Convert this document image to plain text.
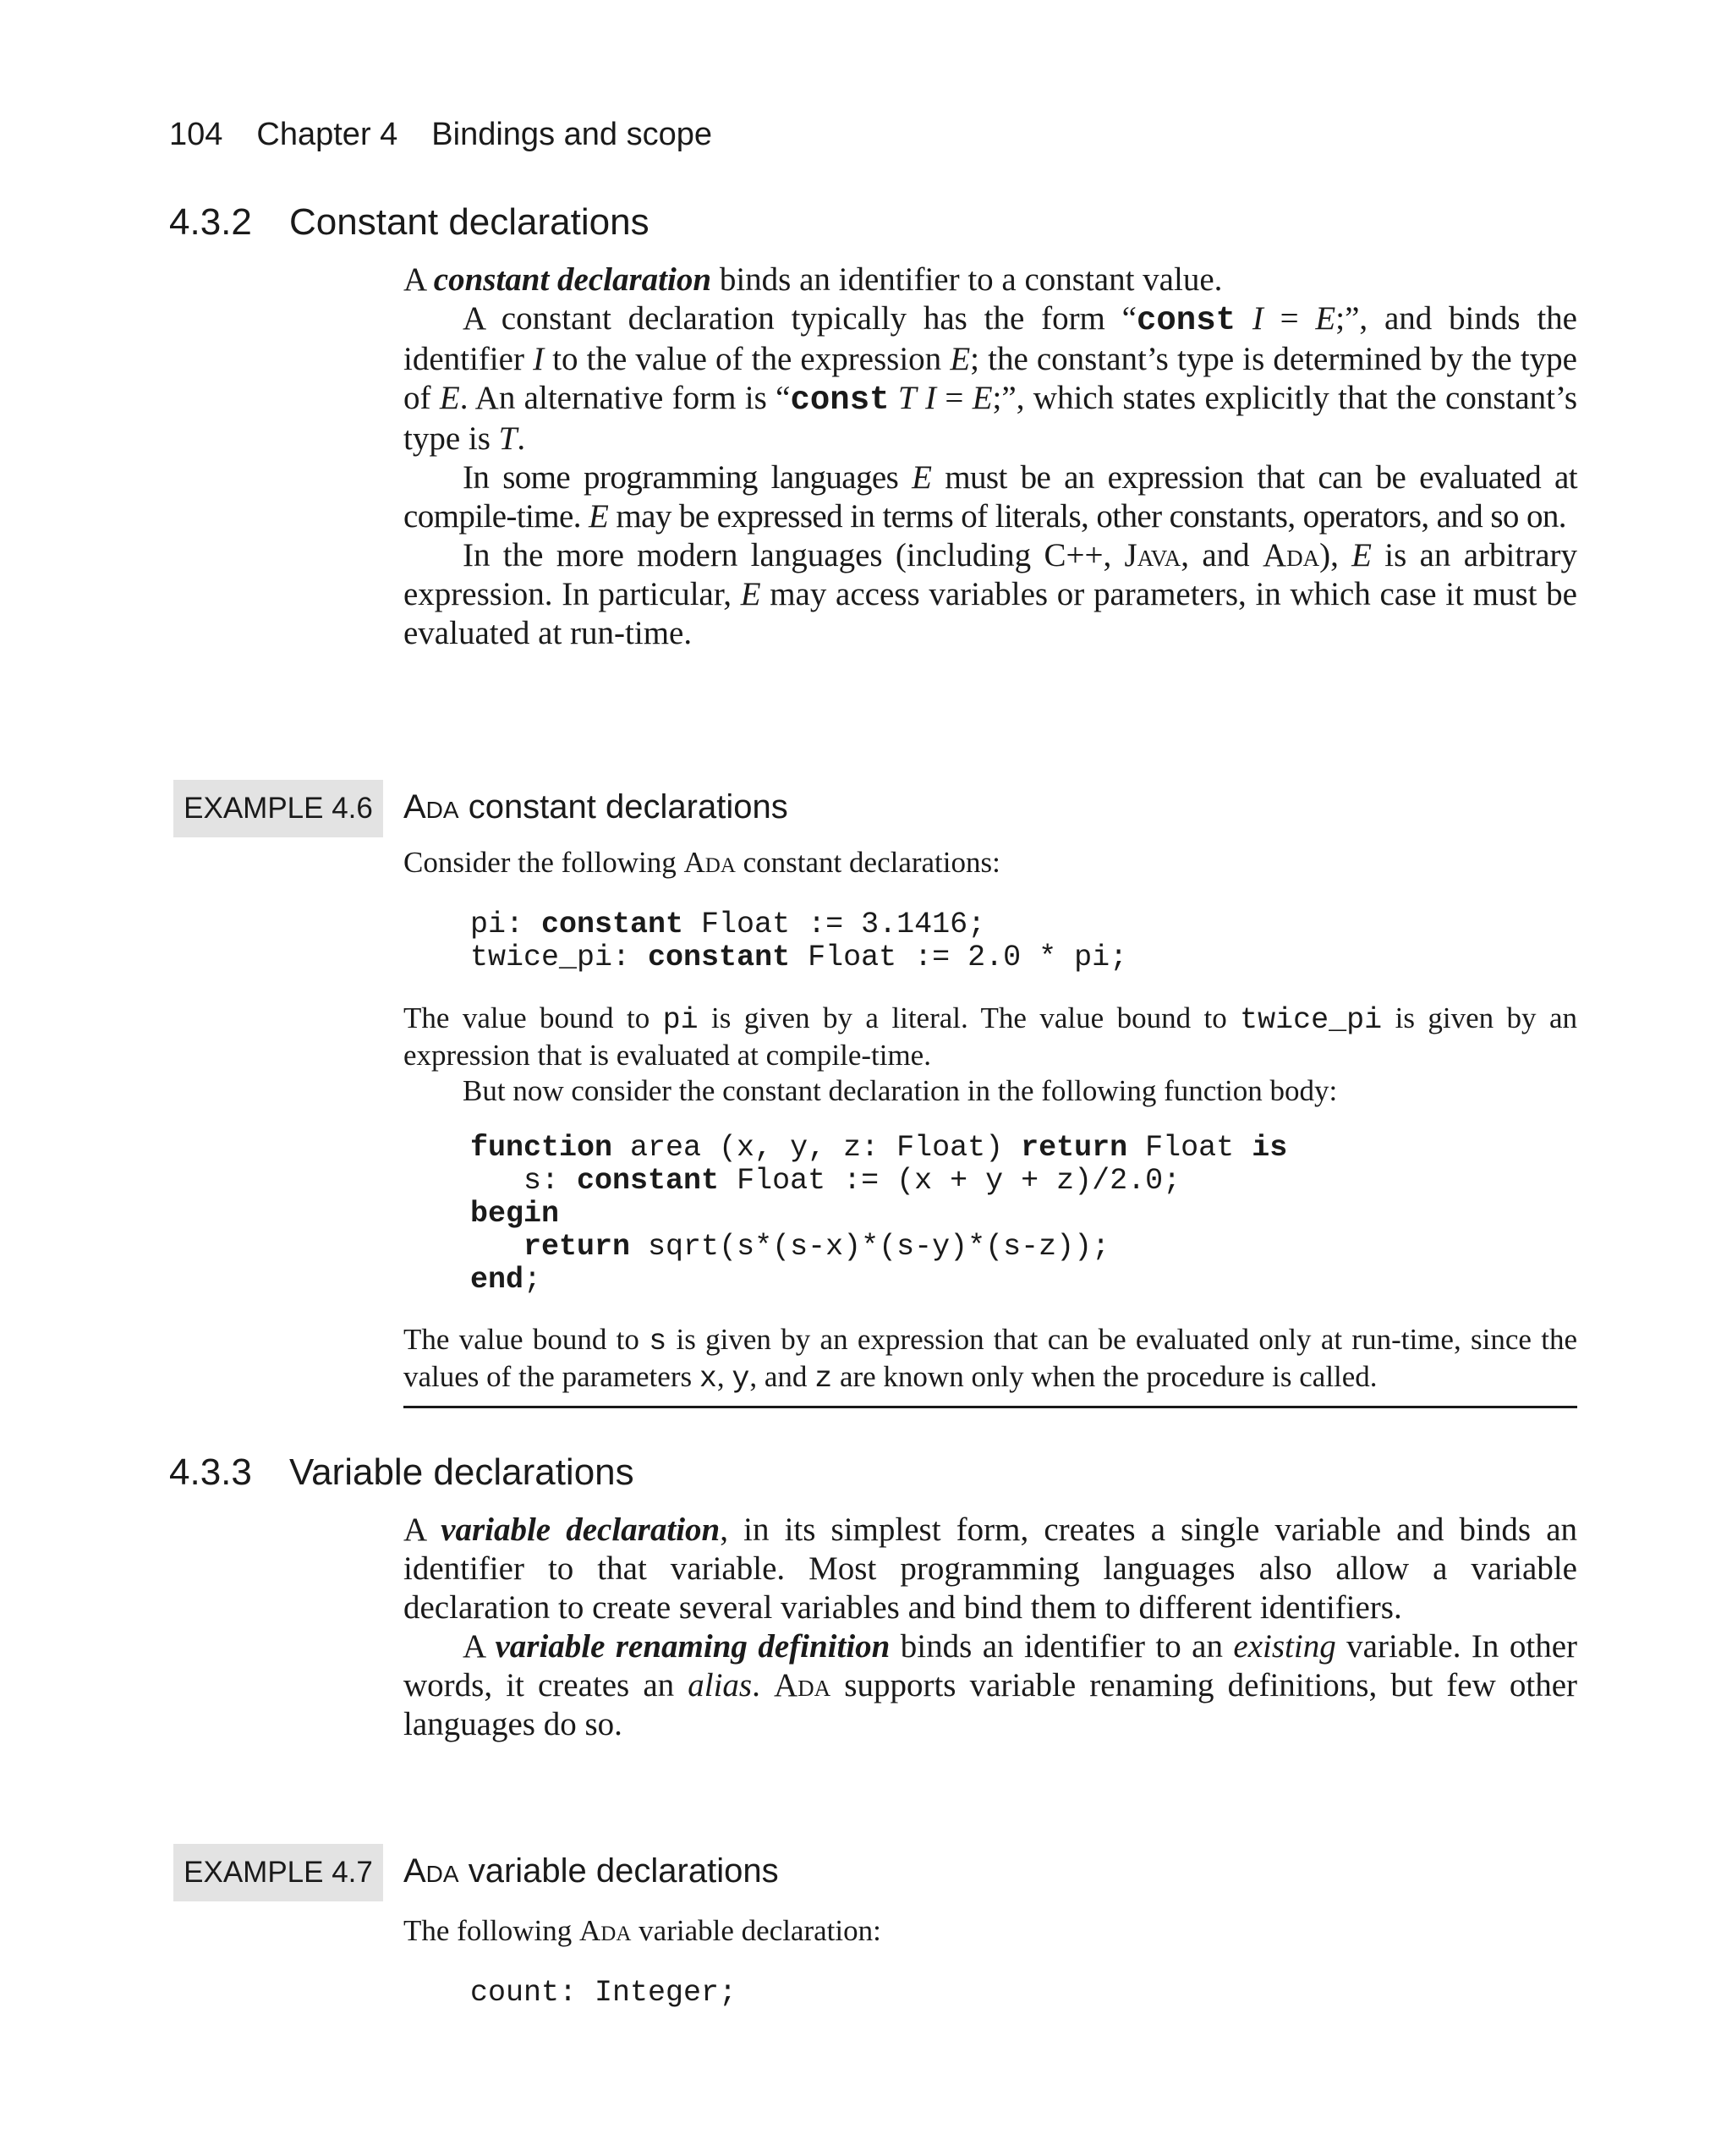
104 Chapter 4 Bindings and scope
4.3.2 Constant declarations

A constant declaration binds an identifier to a constant value.

A constant declaration typically has the form “const I = E;”, and binds the identifier I to the value of the expression E; the constant’s type is determined by the type of E. An alternative form is “const T I = E;”, which states explicitly that the constant’s type is T.

In some programming languages E must be an expression that can be evaluated at compile-time. E may be expressed in terms of literals, other constants, operators, and so on.

In the more modern languages (including C++, Java, and Ada), E is an arbitrary expression. In particular, E may access variables or parameters, in which case it must be evaluated at run-time.

EXAMPLE 4.6 Ada constant declarations

Consider the following Ada constant declarations:

pi: constant Float := 3.1416;
twice_pi: constant Float := 2.0 * pi;

The value bound to pi is given by a literal. The value bound to twice_pi is given by an expression that is evaluated at compile-time.

But now consider the constant declaration in the following function body:

function area (x, y, z: Float) return Float is
s: constant Float := (x + y + z)/2.0;
begin
return sqrt(s*(s-x)*(s-y)*(s-z));
end;

The value bound to s is given by an expression that can be evaluated only at run-time, since the values of the parameters x, y, and z are known only when the procedure is called.

4.3.3 Variable declarations

A variable declaration, in its simplest form, creates a single variable and binds an identifier to that variable. Most programming languages also allow a variable declaration to create several variables and bind them to different identifiers.

A variable renaming definition binds an identifier to an existing variable. In other words, it creates an alias. Ada supports variable renaming definitions, but few other languages do so.

EXAMPLE 4.7 Ada variable declarations

The following Ada variable declaration:

count: Integer;
